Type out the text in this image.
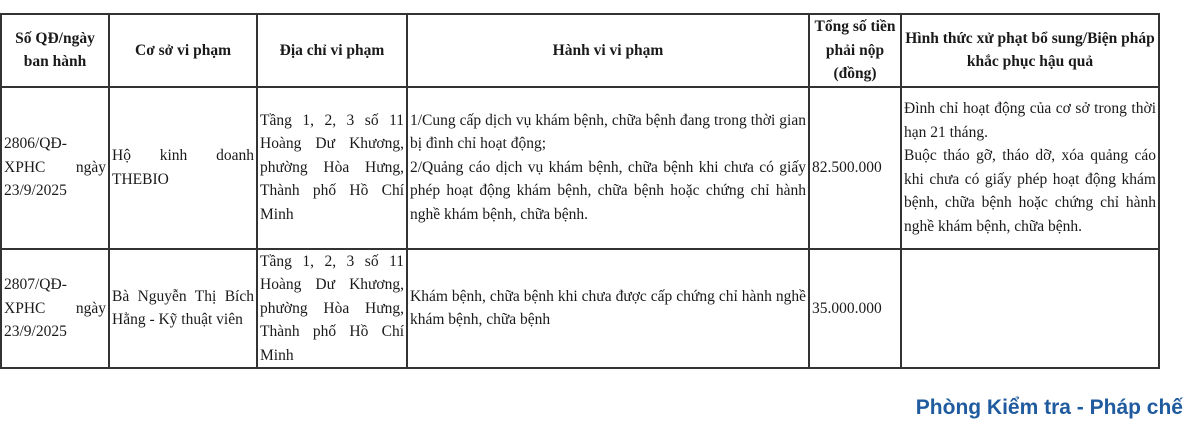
Số QĐ/ngày ban hành	Cơ sở vi phạm	Địa chỉ vi phạm	Hành vi vi phạm	Tổng số tiền phải nộp (đồng)	Hình thức xử phạt bổ sung/Biện pháp khắc phục hậu quả
2806/QĐ-XPHC ngày 23/9/2025	Hộ kinh doanh THEBIO	Tầng 1, 2, 3 số 11 Hoàng Dư Khương, phường Hòa Hưng, Thành phố Hồ Chí Minh	1/Cung cấp dịch vụ khám bệnh, chữa bệnh đang trong thời gian bị đình chỉ hoạt động;
2/Quảng cáo dịch vụ khám bệnh, chữa bệnh khi chưa có giấy phép hoạt động khám bệnh, chữa bệnh hoặc chứng chỉ hành nghề khám bệnh, chữa bệnh.	82.500.000	Đình chỉ hoạt động của cơ sở trong thời hạn 21 tháng.
Buộc tháo gỡ, tháo dỡ, xóa quảng cáo khi chưa có giấy phép hoạt động khám bệnh, chữa bệnh hoặc chứng chỉ hành nghề khám bệnh, chữa bệnh.

2807/QĐ-XPHC ngày 23/9/2025	Bà Nguyễn Thị Bích Hằng - Kỹ thuật viên	Tầng 1, 2, 3 số 11 Hoàng Dư Khương, phường Hòa Hưng, Thành phố Hồ Chí Minh	Khám bệnh, chữa bệnh khi chưa được cấp chứng chỉ hành nghề khám bệnh, chữa bệnh	35.000.000	
Phòng Kiểm tra - Pháp chế
